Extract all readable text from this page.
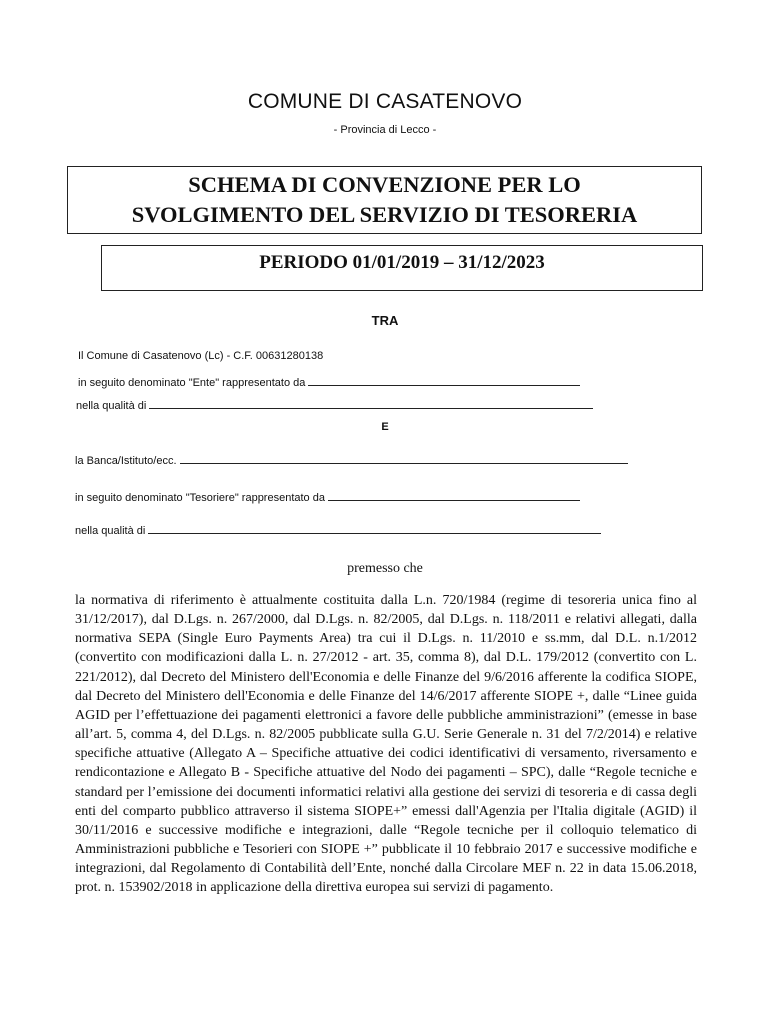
COMUNE DI CASATENOVO
- Provincia di Lecco -
SCHEMA DI CONVENZIONE PER LO
SVOLGIMENTO DEL SERVIZIO DI TESORERIA
PERIODO 01/01/2019 – 31/12/2023
TRA
Il Comune di Casatenovo (Lc) - C.F. 00631280138
in seguito denominato "Ente" rappresentato da
nella qualità di
E
la Banca/Istituto/ecc.
in seguito denominato "Tesoriere" rappresentato da
nella qualità di
premesso che
la normativa di riferimento è attualmente costituita dalla L.n. 720/1984 (regime di tesoreria unica fino al 31/12/2017), dal D.Lgs. n. 267/2000, dal D.Lgs. n. 82/2005, dal D.Lgs. n. 118/2011 e relativi allegati, dalla normativa SEPA (Single Euro Payments Area) tra cui il D.Lgs. n. 11/2010 e ss.mm, dal D.L. n.1/2012 (convertito con modificazioni dalla L. n. 27/2012 - art. 35, comma 8), dal D.L. 179/2012 (convertito con L. 221/2012), dal Decreto del Ministero dell'Economia e delle Finanze del 9/6/2016 afferente la codifica SIOPE, dal Decreto del Ministero dell'Economia e delle Finanze del 14/6/2017 afferente SIOPE +, dalle “Linee guida AGID per l’effettuazione dei pagamenti elettronici a favore delle pubbliche amministrazioni” (emesse in base all’art. 5, comma 4, del D.Lgs. n. 82/2005 pubblicate sulla G.U. Serie Generale n. 31 del 7/2/2014) e relative specifiche attuative (Allegato A – Specifiche attuative dei codici identificativi di versamento, riversamento e rendicontazione e Allegato B - Specifiche attuative del Nodo dei pagamenti – SPC), dalle “Regole tecniche e standard per l’emissione dei documenti informatici relativi alla gestione dei servizi di tesoreria e di cassa degli enti del comparto pubblico attraverso il sistema SIOPE+” emessi dall'Agenzia per l'Italia digitale (AGID) il 30/11/2016 e successive modifiche e integrazioni, dalle “Regole tecniche per il colloquio telematico di Amministrazioni pubbliche e Tesorieri con SIOPE +” pubblicate il 10 febbraio 2017 e successive modifiche e integrazioni, dal Regolamento di Contabilità dell’Ente, nonché dalla Circolare MEF n. 22 in data 15.06.2018, prot. n. 153902/2018 in applicazione della direttiva europea sui servizi di pagamento.
